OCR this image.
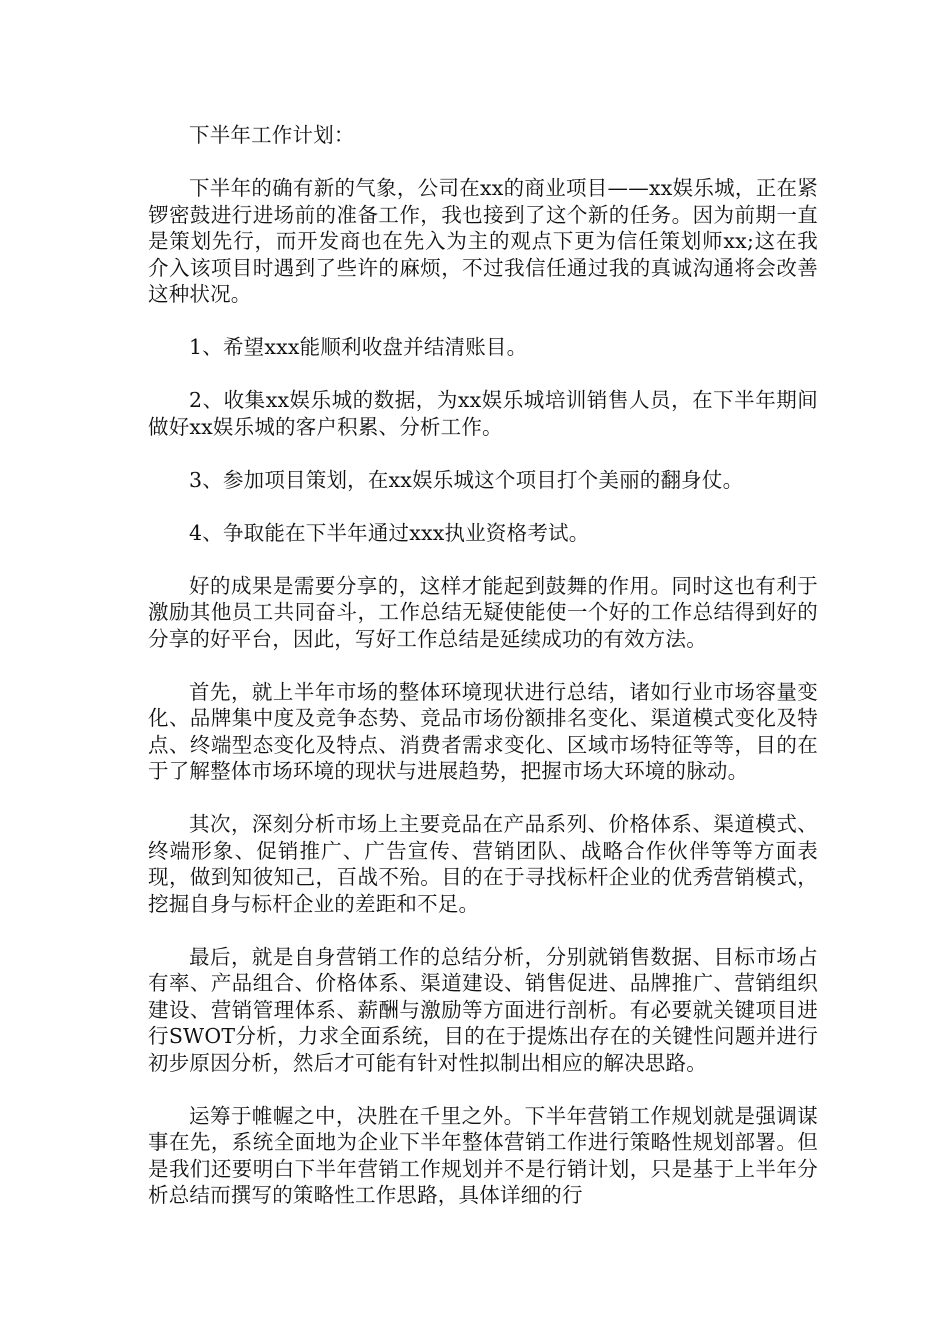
下半年工作计划：

下半年的确有新的气象，公司在xx的商业项目——xx娱乐城，正在紧锣密鼓进行进场前的准备工作，我也接到了这个新的任务。因为前期一直是策划先行，而开发商也在先入为主的观点下更为信任策划师xx;这在我介入该项目时遇到了些许的麻烦，不过我信任通过我的真诚沟通将会改善这种状况。

1、希望xxx能顺利收盘并结清账目。

2、收集xx娱乐城的数据，为xx娱乐城培训销售人员，在下半年期间做好xx娱乐城的客户积累、分析工作。

3、参加项目策划，在xx娱乐城这个项目打个美丽的翻身仗。

4、争取能在下半年通过xxx执业资格考试。

好的成果是需要分享的，这样才能起到鼓舞的作用。同时这也有利于激励其他员工共同奋斗，工作总结无疑使能使一个好的工作总结得到好的分享的好平台，因此，写好工作总结是延续成功的有效方法。

首先，就上半年市场的整体环境现状进行总结，诸如行业市场容量变化、品牌集中度及竞争态势、竞品市场份额排名变化、渠道模式变化及特点、终端型态变化及特点、消费者需求变化、区域市场特征等等，目的在于了解整体市场环境的现状与进展趋势，把握市场大环境的脉动。

其次，深刻分析市场上主要竞品在产品系列、价格体系、渠道模式、终端形象、促销推广、广告宣传、营销团队、战略合作伙伴等等方面表现，做到知彼知己，百战不殆。目的在于寻找标杆企业的优秀营销模式，挖掘自身与标杆企业的差距和不足。

最后，就是自身营销工作的总结分析，分别就销售数据、目标市场占有率、产品组合、价格体系、渠道建设、销售促进、品牌推广、营销组织建设、营销管理体系、薪酬与激励等方面进行剖析。有必要就关键项目进行SWOT分析，力求全面系统，目的在于提炼出存在的关键性问题并进行初步原因分析，然后才可能有针对性拟制出相应的解决思路。

运筹于帷幄之中，决胜在千里之外。下半年营销工作规划就是强调谋事在先，系统全面地为企业下半年整体营销工作进行策略性规划部署。但是我们还要明白下半年营销工作规划并不是行销计划，只是基于上半年分析总结而撰写的策略性工作思路，具体详细的行
